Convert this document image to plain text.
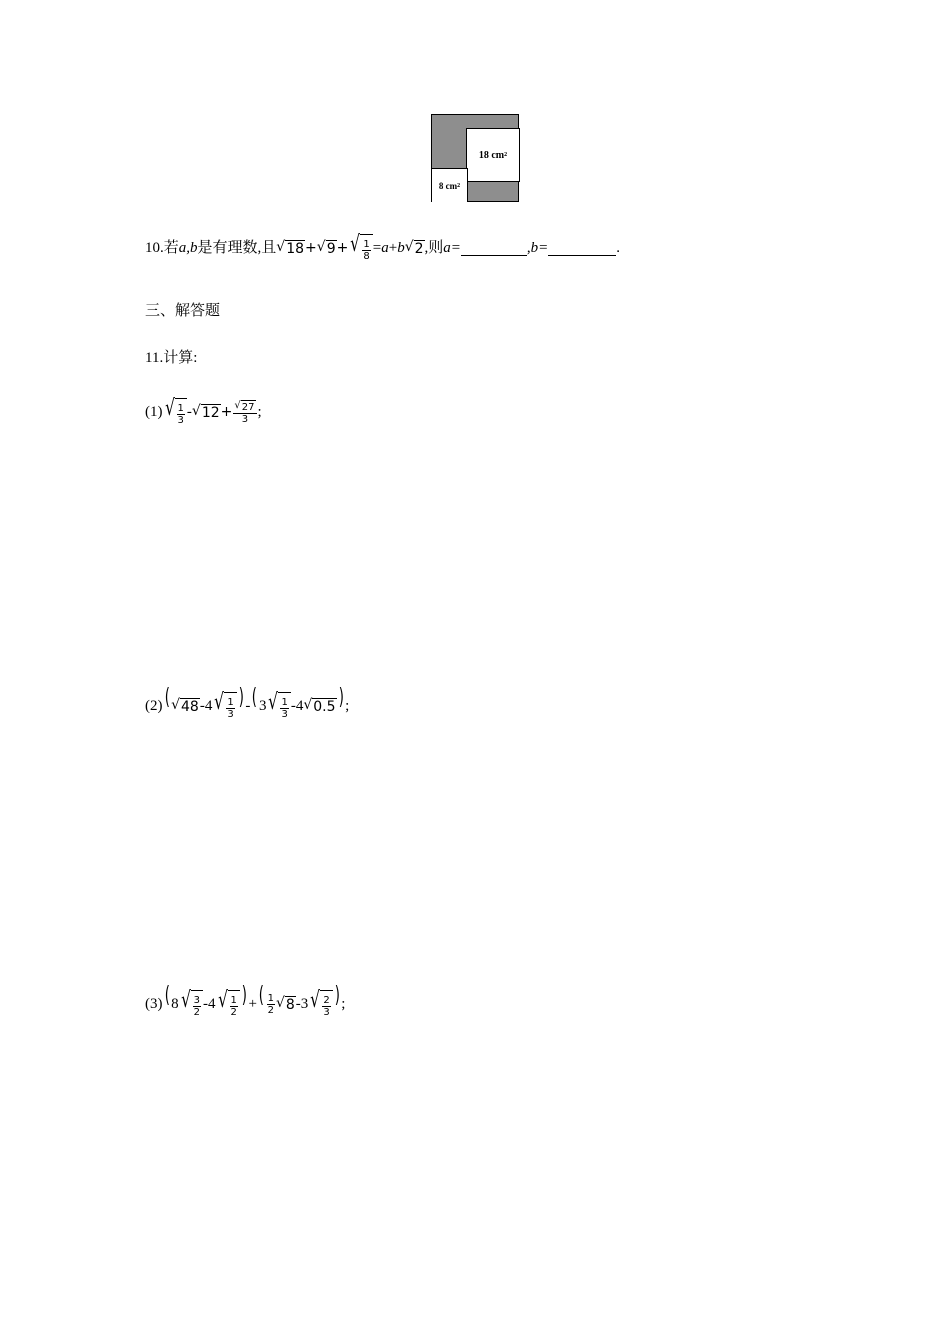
18 cm 2
8 cm 2
10.若 a,b 是有理数,且 √ 18 + √ 9 + √ $\frac{1}{8} = a + b$ √ 2 ,则 a=	, b=	.
三、解答题
11.计算:
(1) √ $\frac{1}{3}$ - √ $12 + \frac{√ 27}{3}$ ;
(2) ( √ 48 -4 √ $\frac{1}{3}$ ) - ( 3 √ $\frac{1}{3} -4$ √ 0.5 ) ;
(3) ( 8 √ $\frac{3}{2} -4$ √ $\frac{1}{2}$ ) + ( $\frac{1}{2}$ √ 8 -3 √ $\frac{2}{3}$ ) ;
